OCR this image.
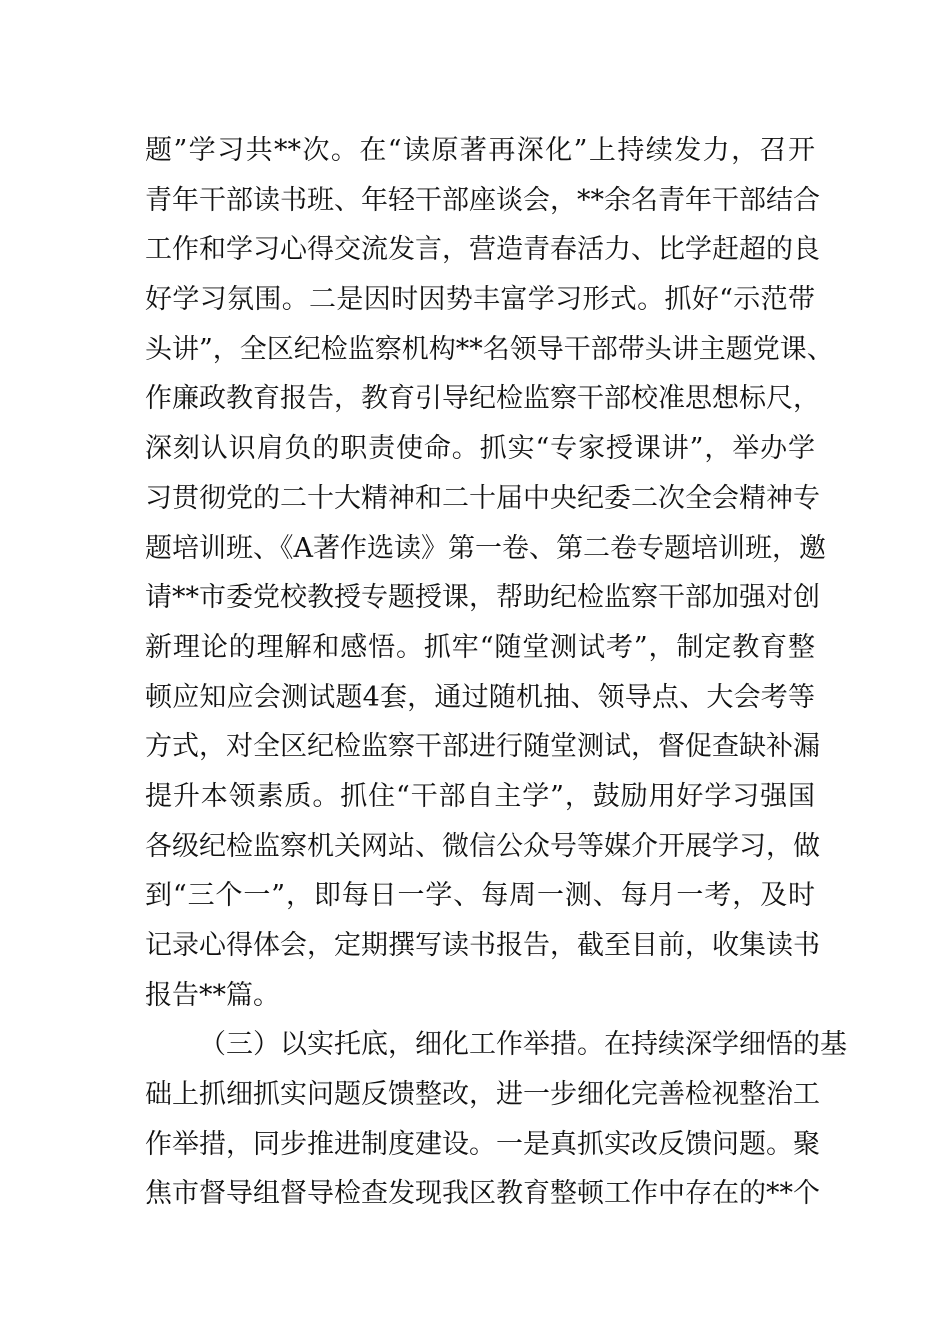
题”学习共**次。在“读原著再深化”上持续发力，召开
青年干部读书班、年轻干部座谈会，**余名青年干部结合
工作和学习心得交流发言，营造青春活力、比学赶超的良
好学习氛围。二是因时因势丰富学习形式。抓好“示范带
头讲”，全区纪检监察机构**名领导干部带头讲主题党课、
作廉政教育报告，教育引导纪检监察干部校准思想标尺，
深刻认识肩负的职责使命。抓实“专家授课讲”，举办学
习贯彻党的二十大精神和二十届中央纪委二次全会精神专
题培训班、《A著作选读》第一卷、第二卷专题培训班，邀
请**市委党校教授专题授课，帮助纪检监察干部加强对创
新理论的理解和感悟。抓牢“随堂测试考”，制定教育整
顿应知应会测试题4套，通过随机抽、领导点、大会考等
方式，对全区纪检监察干部进行随堂测试，督促查缺补漏
提升本领素质。抓住“干部自主学”，鼓励用好学习强国
各级纪检监察机关网站、微信公众号等媒介开展学习，做
到“三个一”，即每日一学、每周一测、每月一考，及时
记录心得体会，定期撰写读书报告，截至目前，收集读书
报告**篇。
（三）以实托底，细化工作举措。在持续深学细悟的基
础上抓细抓实问题反馈整改，进一步细化完善检视整治工
作举措，同步推进制度建设。一是真抓实改反馈问题。聚
焦市督导组督导检查发现我区教育整顿工作中存在的**个
